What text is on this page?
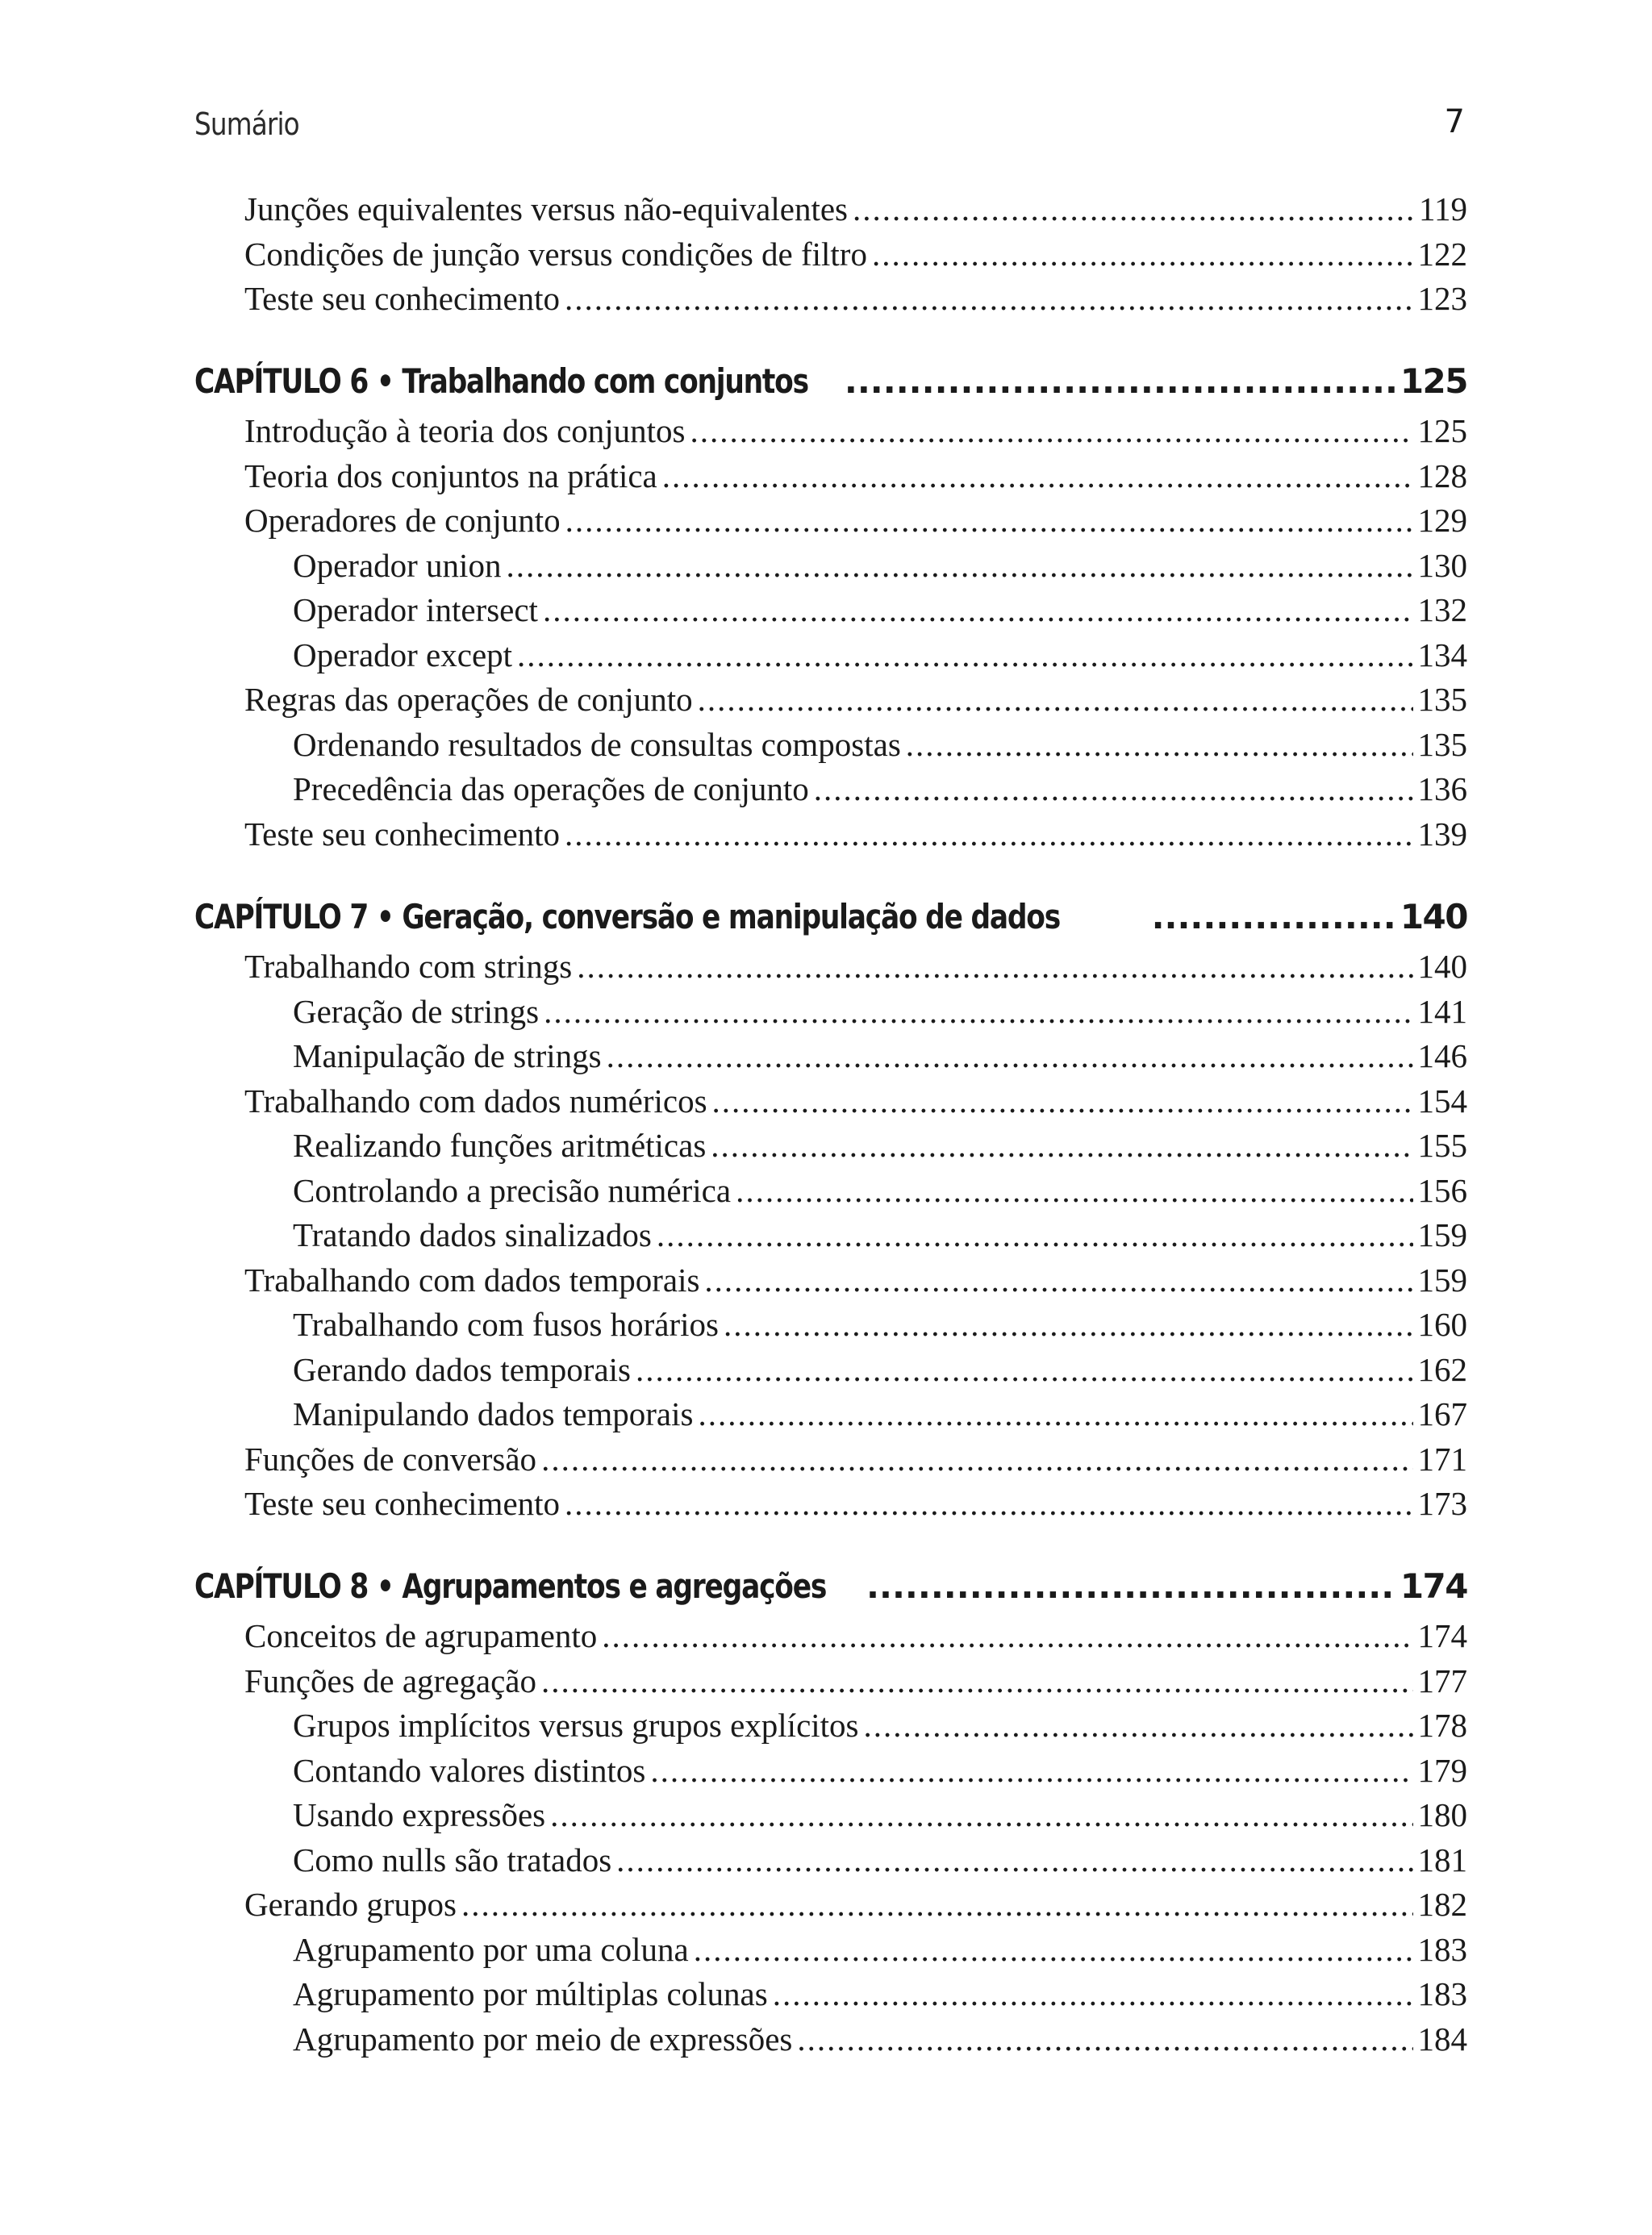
Sumário	7
Junções equivalentes versus não-equivalentes .....	119
Condições de junção versus condições de filtro .....	122
Teste seu conhecimento .....	123
CAPÍTULO 6 • Trabalhando com conjuntos .....	125
Introdução à teoria dos conjuntos .....	125
Teoria dos conjuntos na prática .....	128
Operadores de conjunto .....	129
Operador union .....	130
Operador intersect .....	132
Operador except .....	134
Regras das operações de conjunto .....	135
Ordenando resultados de consultas compostas .....	135
Precedência das operações de conjunto .....	136
Teste seu conhecimento .....	139
CAPÍTULO 7 • Geração, conversão e manipulação de dados .....	140
Trabalhando com strings .....	140
Geração de strings .....	141
Manipulação de strings .....	146
Trabalhando com dados numéricos .....	154
Realizando funções aritméticas .....	155
Controlando a precisão numérica .....	156
Tratando dados sinalizados .....	159
Trabalhando com dados temporais .....	159
Trabalhando com fusos horários .....	160
Gerando dados temporais .....	162
Manipulando dados temporais .....	167
Funções de conversão .....	171
Teste seu conhecimento .....	173
CAPÍTULO 8 • Agrupamentos e agregações .....	174
Conceitos de agrupamento .....	174
Funções de agregação .....	177
Grupos implícitos versus grupos explícitos .....	178
Contando valores distintos .....	179
Usando expressões .....	180
Como nulls são tratados .....	181
Gerando grupos .....	182
Agrupamento por uma coluna .....	183
Agrupamento por múltiplas colunas .....	183
Agrupamento por meio de expressões .....	184
